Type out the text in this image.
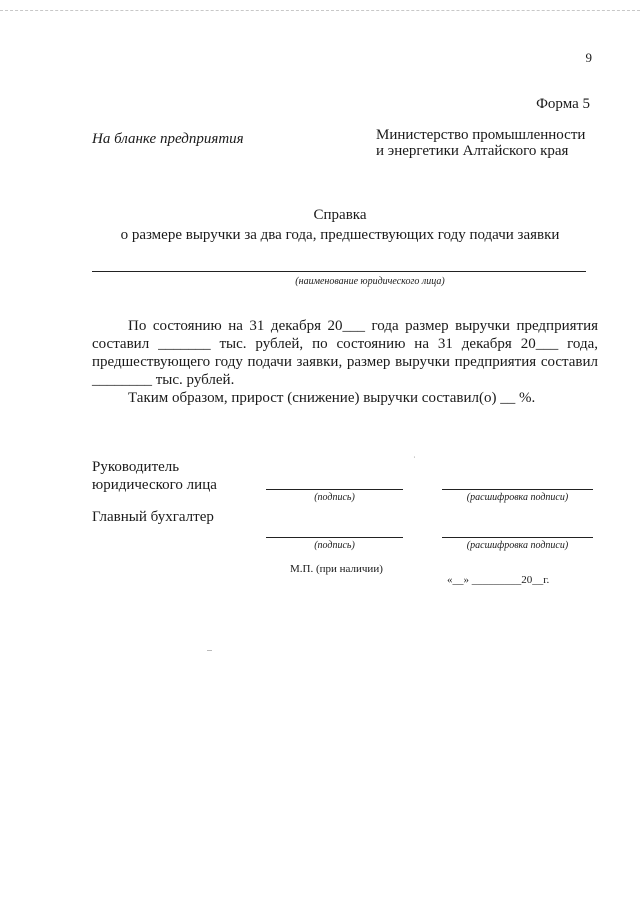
9
Форма 5
На бланке предприятия	Министерство промышленности
и энергетики Алтайского края
Справка
о размере выручки за два года, предшествующих году подачи заявки
(наименование юридического лица)

По состоянию на 31 декабря 20___ года размер выручки предприятия составил _______ тыс. рублей, по состоянию на 31 декабря 20___ года, предшествующего году подачи заявки, размер выручки предприятия составил ________ тыс. рублей.

Таким образом, прирост (снижение) выручки составил(о) __ %.

˙
Руководитель
юридического лица
(подпись)	(расшифровка подписи)
Главный бухгалтер
(подпись)	(расшифровка подписи)
М.П. (при наличии)
«__» _________20__г.
